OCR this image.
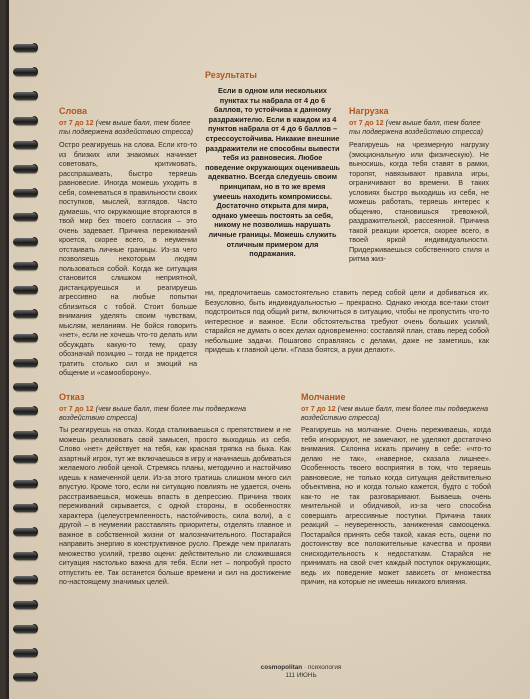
Результаты

Если в одном или нескольких пунктах ты набрала от 4 до 6 баллов, то устойчива к данному раздражителю. Если в каждом из 4 пунктов набрала от 4 до 6 баллов – стрессоустойчива. Никакие внешние раздражители не способны вывести тебя из равновесия. Любое поведение окружающих оцениваешь адекватно. Всегда следуешь своим принципам, но в то же время умеешь находить компромиссы. Достаточно открыта для мира, однако умеешь постоять за себя, никому не позволишь нарушать личные границы. Можешь служить отличным примером для подражания.

Слова

от 7 до 12 (чем выше балл, тем более ты подвержена воздействию стресса)

Остро реагируешь на слова. Если кто-то из близких или знакомых начинает советовать, критиковать, расспрашивать, быстро теряешь равновесие. Иногда можешь уходить в себя, сомневаться в правильности своих поступков, мыслей, взглядов. Часто думаешь, что окружающие вторгаются в твой мир без твоего согласия – это очень задевает. Причина переживаний кроется, скорее всего, в неумении отстаивать личные границы. Из-за чего позволяешь некоторым людям пользоваться собой. Когда же ситуация становится слишком неприятной, дистанцируешься и реагируешь агрессивно на любые попытки сблизиться с тобой. Стоит больше внимания уделять своим чувствам, мыслям, желаниям. Не бойся говорить «нет», если не хочешь что-то делать или обсуждать какую-то тему, сразу обозначай позицию – тогда не придется тратить столько сил и эмоций на общение и «самооборону».

Нагрузка

от 7 до 12 (чем выше балл, тем более ты подвержена воздействию стресса)

Реагируешь на чрезмерную нагрузку (эмоциональную или физическую). Не выносишь, когда тебя ставят в рамки, торопят, навязывают правила игры, ограничивают во времени. В таких условиях быстро выходишь из себя, не можешь работать, теряешь интерес к общению, становишься тревожной, раздражительной, рассеянной. Причина такой реакции кроется, скорее всего, в твоей яркой индивидуальности. Придерживаешься собственного стиля и ритма жиз-

ни, предпочитаешь самостоятельно ставить перед собой цели и добиваться их. Безусловно, быть индивидуальностью – прекрасно. Однако иногда все-таки стоит подстроиться под общий ритм, включиться в ситуацию, чтобы не пропустить что-то интересное и важное. Если обстоятельства требуют очень больших усилий, старайся не думать о всех делах одновременно: составляй план, ставь перед собой небольшие задачи. Пошагово справляясь с делами, даже не заметишь, как придешь к главной цели. «Глаза боятся, а руки делают».

Отказ

от 7 до 12 (чем выше балл, тем более ты подвержена воздействию стресса)

Ты реагируешь на отказ. Когда сталкиваешься с препятствием и не можешь реализовать свой замысел, просто выходишь из себя. Слово «нет» действует на тебя, как красная тряпка на быка. Как азартный игрок, тут же включаешься в игру и начинаешь добиваться желаемого любой ценой. Стремясь планы, методично и настойчиво идешь к намеченной цели. Из-за этого тратишь слишком много сил впустую. Кроме того, если ни ситуацию повлиять не удается, очень расстраиваешься, можешь впасть в депрессию. Причина твоих переживаний скрывается, с одной стороны, в особенностях характера (целеустремленность, настойчивость, сила воли), а с другой – в неумении расставлять приоритеты, отделять главное и важное в собственной жизни от малозначительного. Постарайся направить энергию в конструктивное русло. Прежде чем прилагать множество усилий, трезво оцени: действительно ли сложившаяся ситуация настолько важна для тебя. Если нет – попробуй просто отпустить ее. Так останется больше времени и сил на достижение по-настоящему значимых целей.

Молчание

от 7 до 12 (чем выше балл, тем более ты подвержена воздействию стресса)

Реагируешь на молчание. Очень переживаешь, когда тебя игнорируют, не замечают, не уделяют достаточно внимания. Склонна искать причину в себе: «что-то делаю не так», «наверное, сказала лишнее». Особенность твоего восприятия в том, что теряешь равновесие, не только когда ситуация действительно объективна, но и когда только кажется, будто с тобой как-то не так разговаривают. Бываешь очень мнительной и обидчивой, из-за чего способна совершать агрессивные поступки. Причина таких реакций – неуверенность, заниженная самооценка. Постарайся принять себя такой, какая есть, оцени по достоинству все положительные качества и прояви снисходительность к недостаткам. Старайся не принимать на свой счет каждый поступок окружающих, ведь их поведение может зависеть от множества причин, на которые не имеешь никакого влияния.

cosmopolitan · психология
111 ИЮНЬ
